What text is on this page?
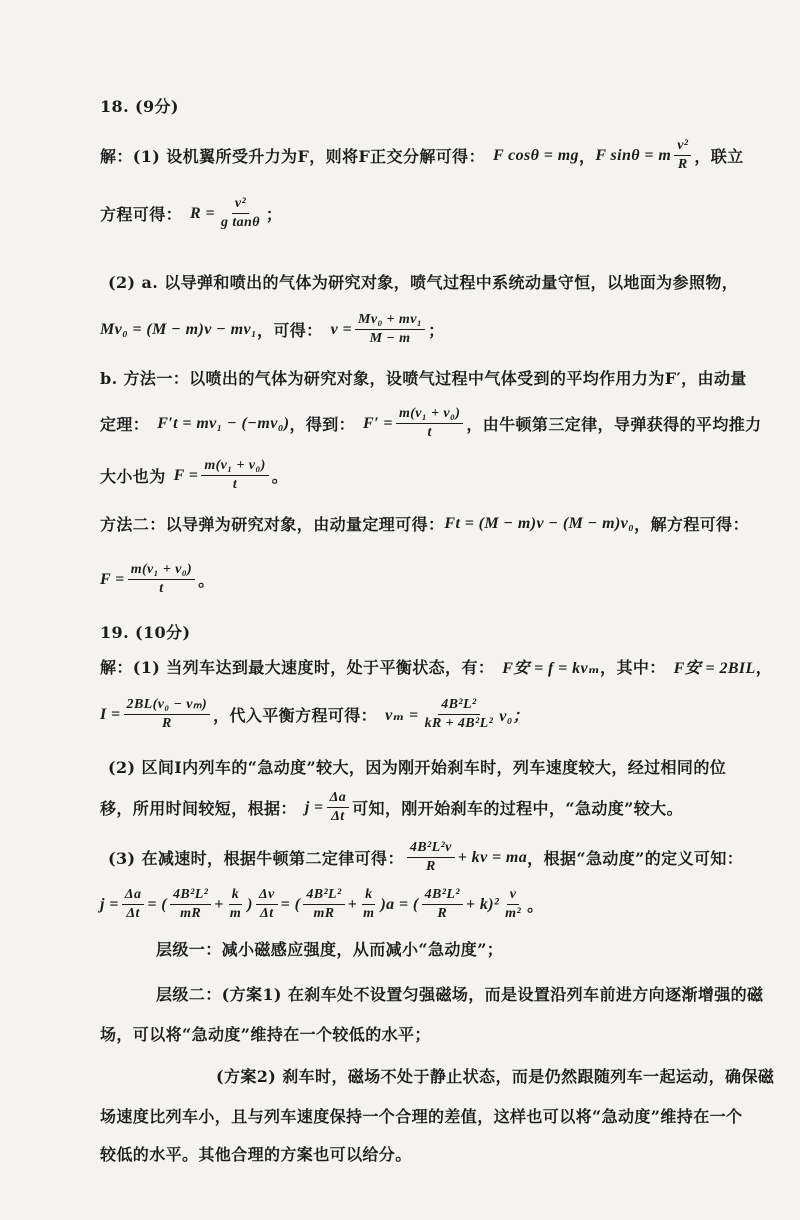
18. (9分)
解：(1) 设机翼所受升力为F，则将F正交分解可得： F cosθ = mg ， F sinθ = m $\frac{\text{v²}}{R}$ ，联立
方程可得： $R = \frac{\text{v²}}{\text{g tanθ}}$ ；
(2) a. 以导弹和喷出的气体为研究对象，喷气过程中系统动量守恒，以地面为参照物，
Mv₀ = (M − m)v − mv₁ ，可得： $v = \frac{\text{Mv₀ + mv₁}}{M - m}$ ；
b. 方法一：以喷出的气体为研究对象，设喷气过程中气体受到的平均作用力为F′，由动量
定理： F′t = mv₁ − (−mv₀) ，得到： $F' = \frac{\text{m(v₁ + v₀)}}{t}$ ，由牛顿第三定律，导弹获得的平均推力
大小也为 $F = \frac{\text{m(v₁ + v₀)}}{t}$ 。
方法二：以导弹为研究对象，由动量定理可得： Ft = (M − m)v − (M − m)v₀ ，解方程可得：
$F = \frac{\text{m(v₁ + v₀)}}{t}$ 。
19. (10分)
解：(1) 当列车达到最大速度时，处于平衡状态，有： F安 = f = kvₘ ，其中： F安 = 2BIL ，
$I = \frac{\text{2BL(v₀ − vₘ)}}{R}$ ，代入平衡方程可得： $v_m = \frac{\text{4B²L²}}{\text{kR + 4B²L²}} v_0$；
(2) 区间Ⅰ内列车的“急动度”较大，因为刚开始刹车时，列车速度较大，经过相同的位
移，所用时间较短，根据： $j = \frac{\Delta a}{\Delta t}$ 可知，刚开始刹车的过程中，“急动度”较大。
(3) 在减速时，根据牛顿第二定律可得： $\frac{\text{4B²L²v}}{R}$ + kv = ma ，根据“急动度”的定义可知：
$j = \frac{\Delta a}{\Delta t}$ = ( $\frac{\text{4B²L²}}{mR} + \frac{k}{m}$ ) $\frac{\Delta v}{\Delta t}$ = ( $\frac{\text{4B²L²}}{mR} + \frac{k}{m} )a$ = ( $\frac{\text{4B²L²}}{R} + k)^2 \frac{v}{\text{m²}}$ 。
层级一：减小磁感应强度，从而减小“急动度”；
层级二：(方案1) 在刹车处不设置匀强磁场，而是设置沿列车前进方向逐渐增强的磁
场，可以将“急动度”维持在一个较低的水平；
(方案2) 刹车时，磁场不处于静止状态，而是仍然跟随列车一起运动，确保磁
场速度比列车小，且与列车速度保持一个合理的差值，这样也可以将“急动度”维持在一个
较低的水平。其他合理的方案也可以给分。
